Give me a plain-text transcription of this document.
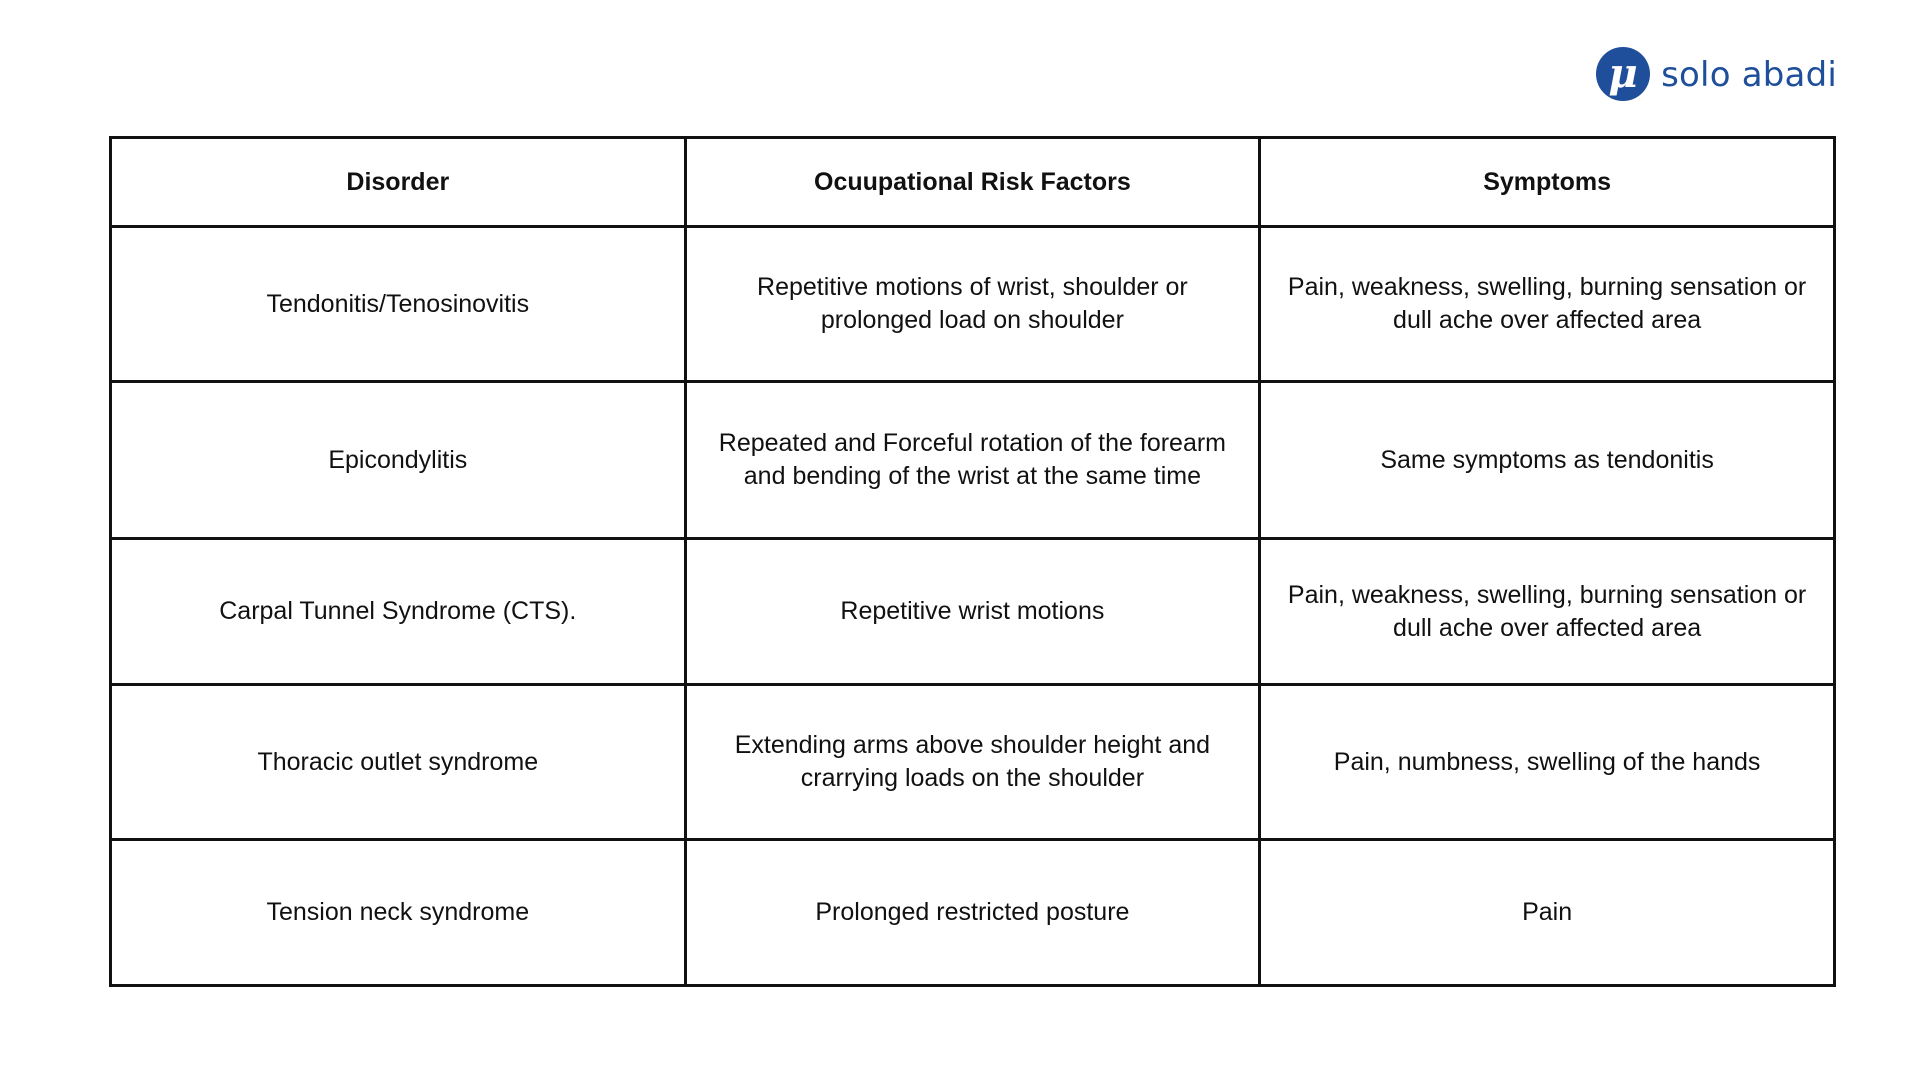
μ solo abadi
Disorder	Ocuupational Risk Factors	Symptoms

Tendonitis/Tenosinovitis	Repetitive motions of wrist, shoulder or prolonged load on shoulder	Pain, weakness, swelling, burning sensation or dull ache over affected area

Epicondylitis	Repeated and Forceful rotation of the forearm and bending of the wrist at the same time	Same symptoms as tendonitis

Carpal Tunnel Syndrome (CTS).	Repetitive wrist motions	Pain, weakness, swelling, burning sensation or dull ache over affected area

Thoracic outlet syndrome	Extending arms above shoulder height and crarrying loads on the shoulder	Pain, numbness, swelling of the hands

Tension neck syndrome	Prolonged restricted posture	Pain
